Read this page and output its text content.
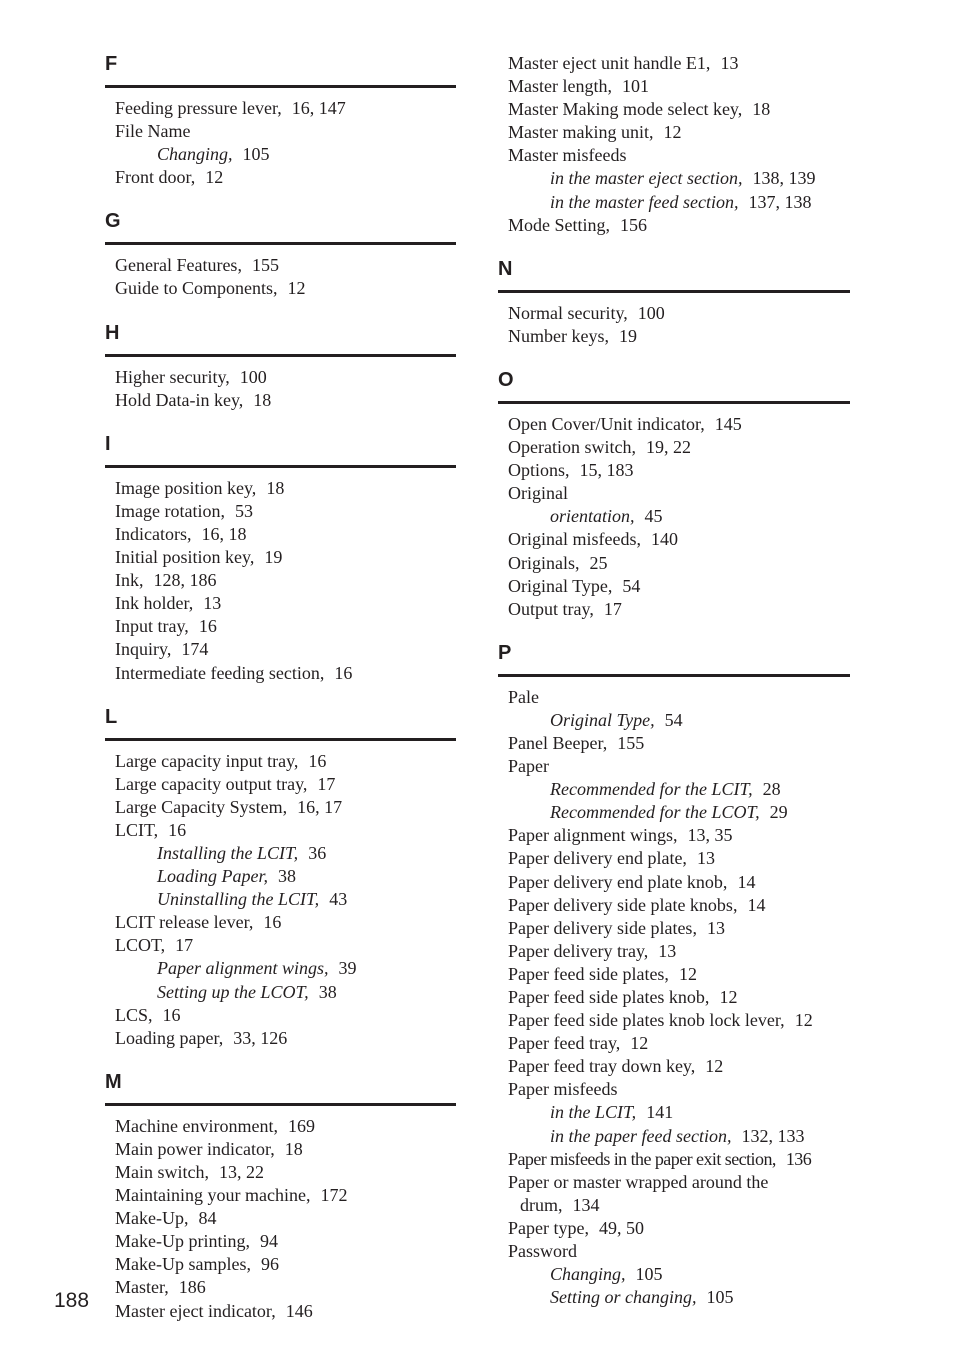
F
Feeding pressure lever, 16, 147
File Name
Changing, 105
Front door, 12
G
General Features, 155
Guide to Components, 12
H
Higher security, 100
Hold Data-in key, 18
I
Image position key, 18
Image rotation, 53
Indicators, 16, 18
Initial position key, 19
Ink, 128, 186
Ink holder, 13
Input tray, 16
Inquiry, 174
Intermediate feeding section, 16
L
Large capacity input tray, 16
Large capacity output tray, 17
Large Capacity System, 16, 17
LCIT, 16
Installing the LCIT, 36
Loading Paper, 38
Uninstalling the LCIT, 43
LCIT release lever, 16
LCOT, 17
Paper alignment wings, 39
Setting up the LCOT, 38
LCS, 16
Loading paper, 33, 126
M
Machine environment, 169
Main power indicator, 18
Main switch, 13, 22
Maintaining your machine, 172
Make-Up, 84
Make-Up printing, 94
Make-Up samples, 96
Master, 186
Master eject indicator, 146
Master eject unit handle E1, 13
Master length, 101
Master Making mode select key, 18
Master making unit, 12
Master misfeeds
in the master eject section, 138, 139
in the master feed section, 137, 138
Mode Setting, 156
N
Normal security, 100
Number keys, 19
O
Open Cover/Unit indicator, 145
Operation switch, 19, 22
Options, 15, 183
Original
orientation, 45
Original misfeeds, 140
Originals, 25
Original Type, 54
Output tray, 17
P
Pale
Original Type, 54
Panel Beeper, 155
Paper
Recommended for the LCIT, 28
Recommended for the LCOT, 29
Paper alignment wings, 13, 35
Paper delivery end plate, 13
Paper delivery end plate knob, 14
Paper delivery side plate knobs, 14
Paper delivery side plates, 13
Paper delivery tray, 13
Paper feed side plates, 12
Paper feed side plates knob, 12
Paper feed side plates knob lock lever, 12
Paper feed tray, 12
Paper feed tray down key, 12
Paper misfeeds
in the LCIT, 141
in the paper feed section, 132, 133
Paper misfeeds in the paper exit section, 136
Paper or master wrapped around the
drum, 134
Paper type, 49, 50
Password
Changing, 105
Setting or changing, 105
188
